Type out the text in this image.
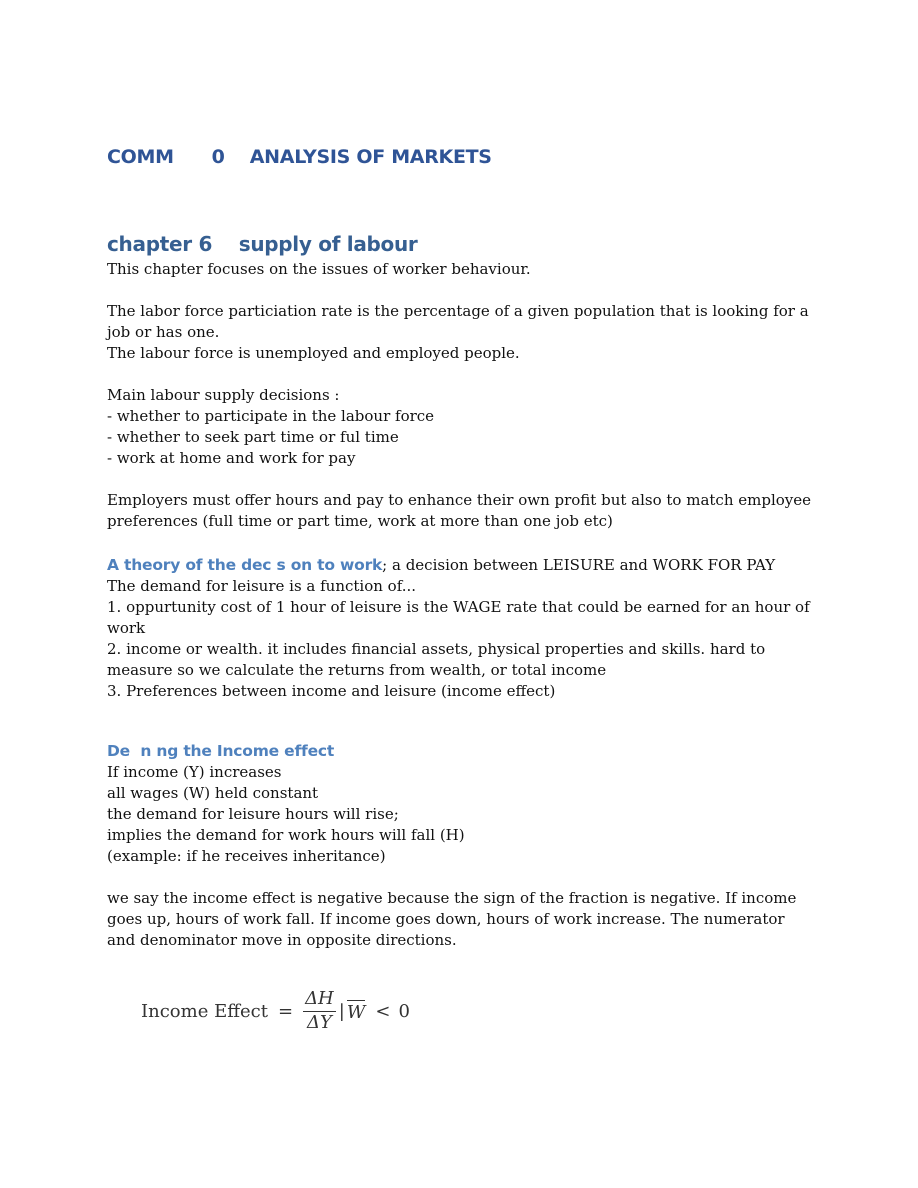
COMM      0    ANALYSIS OF MARKETS
chapter 6    supply of labour

This chapter focuses on the issues of worker behaviour.

The labor force particiation rate is the percentage of a given population that is looking for a job or has one.

The labour force is unemployed and employed people.

Main labour supply decisions :

- whether to participate in the labour force

- whether to seek part time or ful time

- work at home and work for pay

Employers must offer hours and pay to enhance their own profit but also to match employee preferences (full time or part time, work at more than one job etc)

A theory of the dec s on to work; a decision between LEISURE and WORK FOR PAY

The demand for leisure is a function of...

1. oppurtunity cost of 1 hour of leisure is the WAGE rate that could be earned for an hour of work

2. income or wealth. it includes financial assets, physical properties and skills. hard to measure so we calculate the returns from wealth, or total income

3. Preferences between income and leisure (income effect)

De  n ng the Income effect

If income (Y) increases

all wages (W) held constant

the demand for leisure hours will rise;

implies the demand for work hours will fall (H)

(example: if he receives inheritance)

we say the income effect is negative because the sign of the fraction is negative. If income goes up, hours of work fall. If income goes down, hours of work increase. The numerator and denominator move in opposite directions.

Income Effect = $\frac{\Delta H}{\Delta Y}$ | W < 0
